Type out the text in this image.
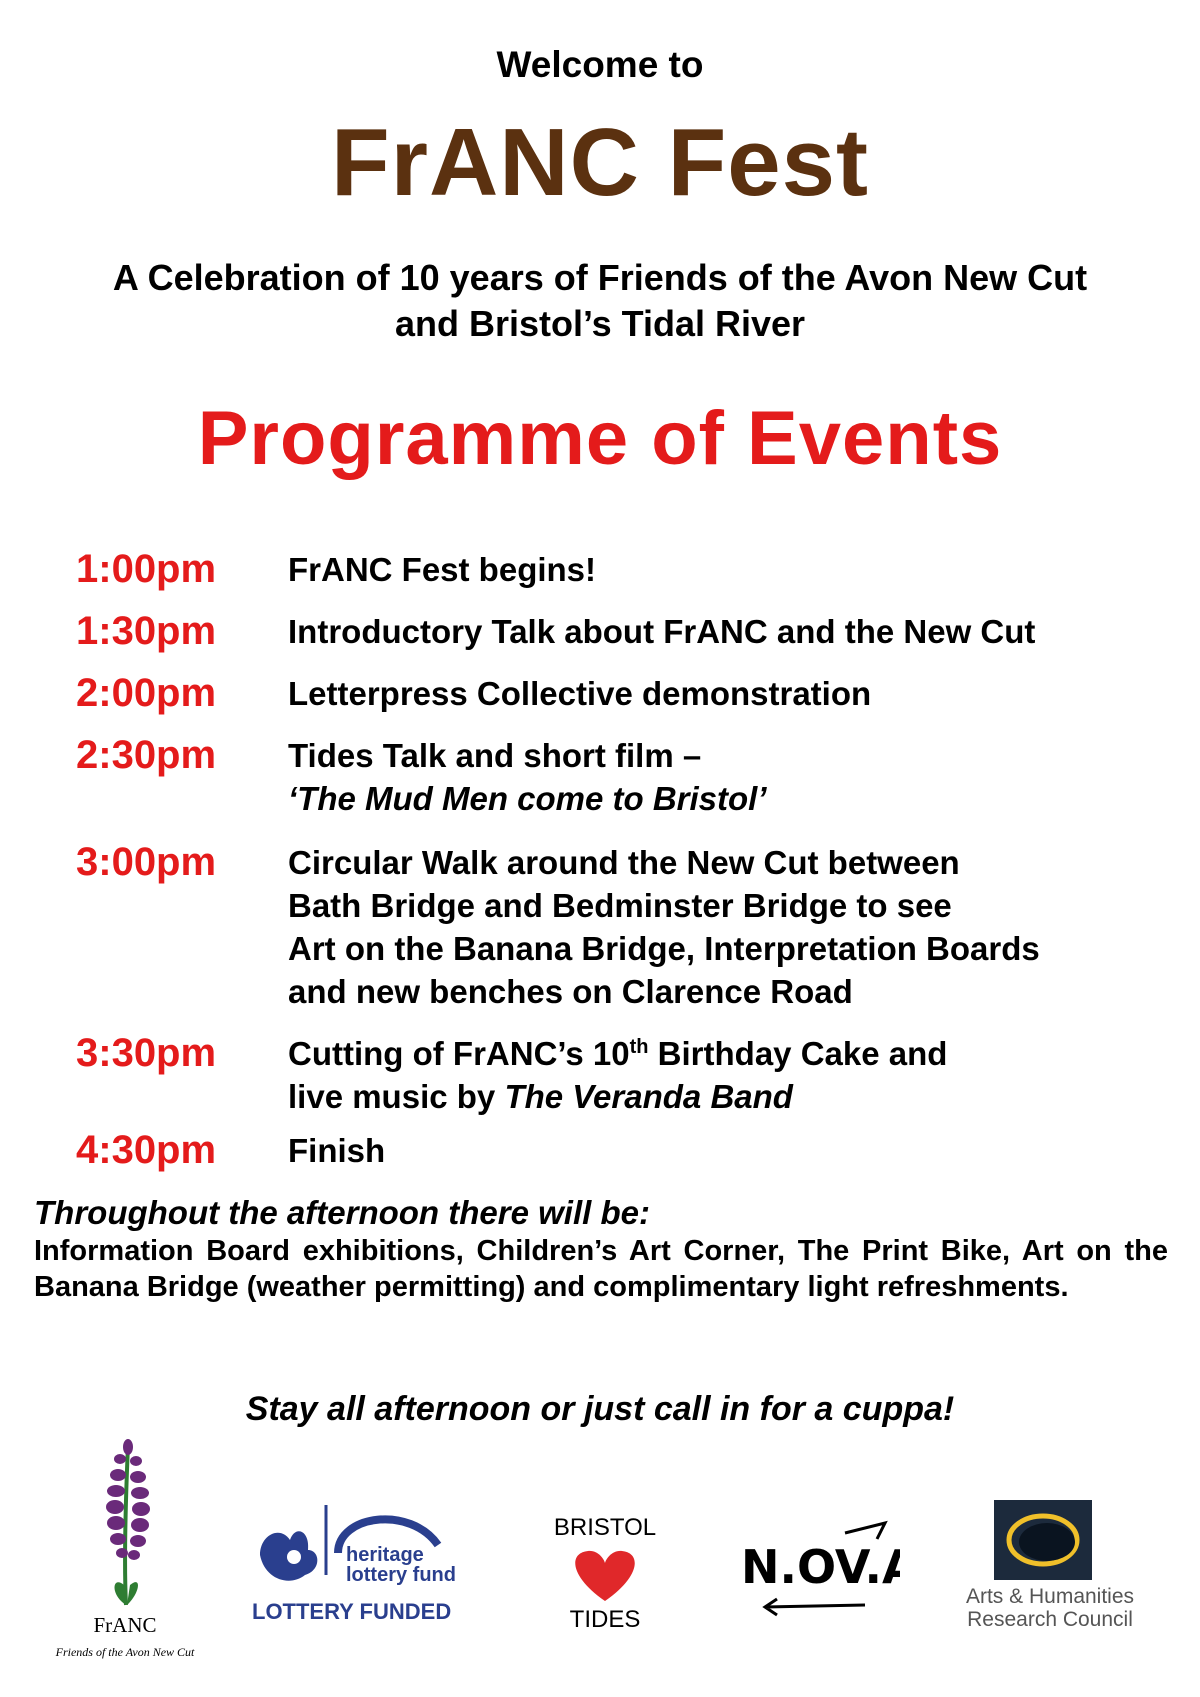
Welcome to
FrANC Fest
A Celebration of 10 years of Friends of the Avon New Cut
and Bristol’s Tidal River
Programme of Events
1:00pm	FrANC Fest begins!
1:30pm	Introductory Talk about FrANC and the New Cut
2:00pm	Letterpress Collective demonstration
2:30pm	Tides Talk and short film –
‘The Mud Men come to Bristol’
3:00pm	Circular Walk around the New Cut between
Bath Bridge and Bedminster Bridge to see
Art on the Banana Bridge, Interpretation Boards
and new benches on Clarence Road
3:30pm	Cutting of FrANC’s 10th Birthday Cake and
live music by The Veranda Band
4:30pm	Finish
Throughout the afternoon there will be:
Information Board exhibitions, Children’s Art Corner, The Print Bike, Art on the Banana Bridge (weather permitting) and complimentary light refreshments.
Stay all afternoon or just call in for a cuppa!
FrANC
Friends of the Avon New Cut
heritage
lottery fund
LOTTERY FUNDED
BRISTOL
TIDES
N.OV.A
Arts & Humanities
Research Council
